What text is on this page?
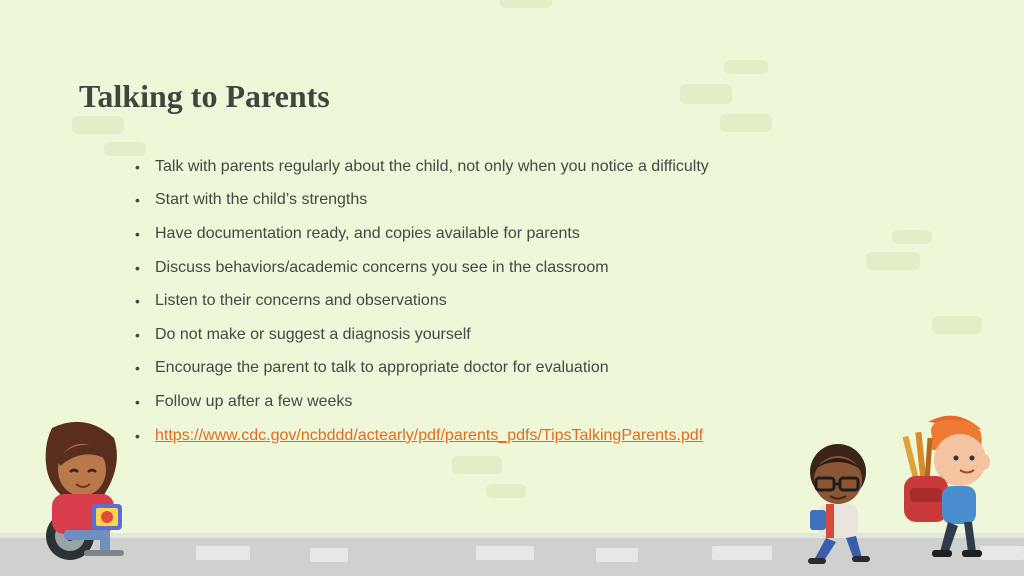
Talking to Parents
• Talk with parents regularly about the child, not only when you notice a difficulty
• Start with the child’s strengths
• Have documentation ready, and copies available for parents
• Discuss behaviors/academic concerns you see in the classroom
• Listen to their concerns and observations
• Do not make or suggest a diagnosis yourself
• Encourage the parent to talk to appropriate doctor for evaluation
• Follow up after a few weeks
• https://www.cdc.gov/ncbddd/actearly/pdf/parents_pdfs/TipsTalkingParents.pdf
